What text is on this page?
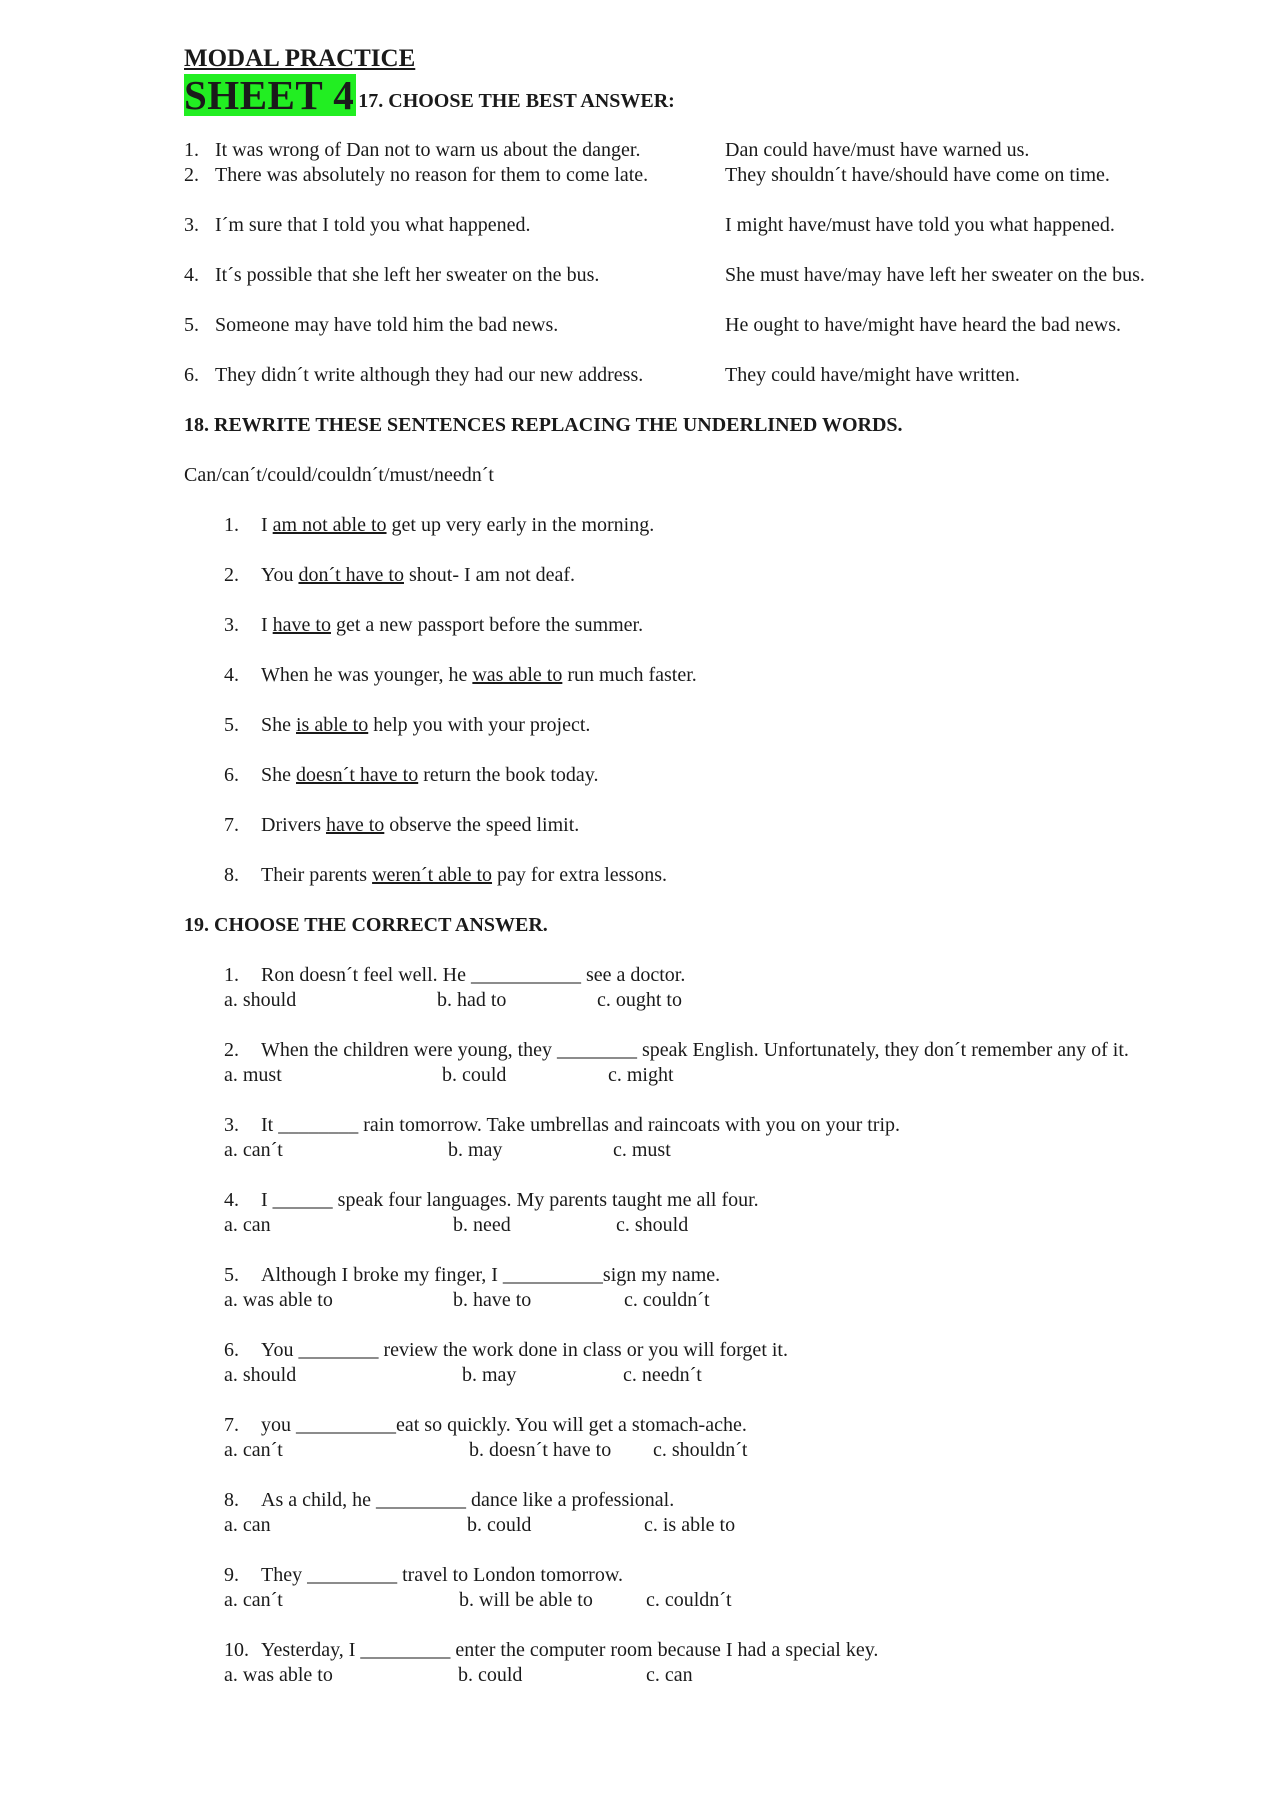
MODAL PRACTICE
SHEET 4 17. CHOOSE THE BEST ANSWER:
1. It was wrong of Dan not to warn us about the danger.	Dan could have/must have warned us.
2. There was absolutely no reason for them to come late.	They shouldn´t have/should have come on time.
3. I´m sure that I told you what happened.	I might have/must have told you what happened.
4. It´s possible that she left her sweater on the bus.	She must have/may have left her sweater on the bus.
5. Someone may have told him the bad news.	He ought to have/might have heard the bad news.
6. They didn´t write although they had our new address.	They could have/might have written.
18. REWRITE THESE SENTENCES REPLACING THE UNDERLINED WORDS.
Can/can´t/could/couldn´t/must/needn´t
1.	I am not able to get up very early in the morning.
2.	You don´t have to shout- I am not deaf.
3.	I have to get a new passport before the summer.
4.	When he was younger, he was able to run much faster.
5.	She is able to help you with your project.
6.	She doesn´t have to return the book today.
7.	Drivers have to observe the speed limit.
8.	Their parents weren´t able to pay for extra lessons.
19. CHOOSE THE CORRECT ANSWER.
1.	Ron doesn´t feel well. He ___________ see a doctor.
a. should	b. had to	c. ought to
2.	When the children were young, they ________ speak English. Unfortunately, they don´t remember any of it.
a. must	b. could	c. might
3.	It ________ rain tomorrow. Take umbrellas and raincoats with you on your trip.
a. can´t	b. may	c. must
4.	I ______ speak four languages. My parents taught me all four.
a. can	b. need	c. should
5.	Although I broke my finger, I __________sign my name.
a. was able to	b. have to	c. couldn´t
6.	You ________ review the work done in class or you will forget it.
a. should	b. may	c. needn´t
7.	you __________eat so quickly. You will get a stomach-ache.
a. can´t	b. doesn´t have to c. shouldn´t
8.	As a child, he _________ dance like a professional.
a. can	b. could	c. is able to
9.	They _________ travel to London tomorrow.
a. can´t	b. will be able to	c. couldn´t
10. Yesterday, I _________ enter the computer room because I had a special key.
a. was able to	b. could	c. can
